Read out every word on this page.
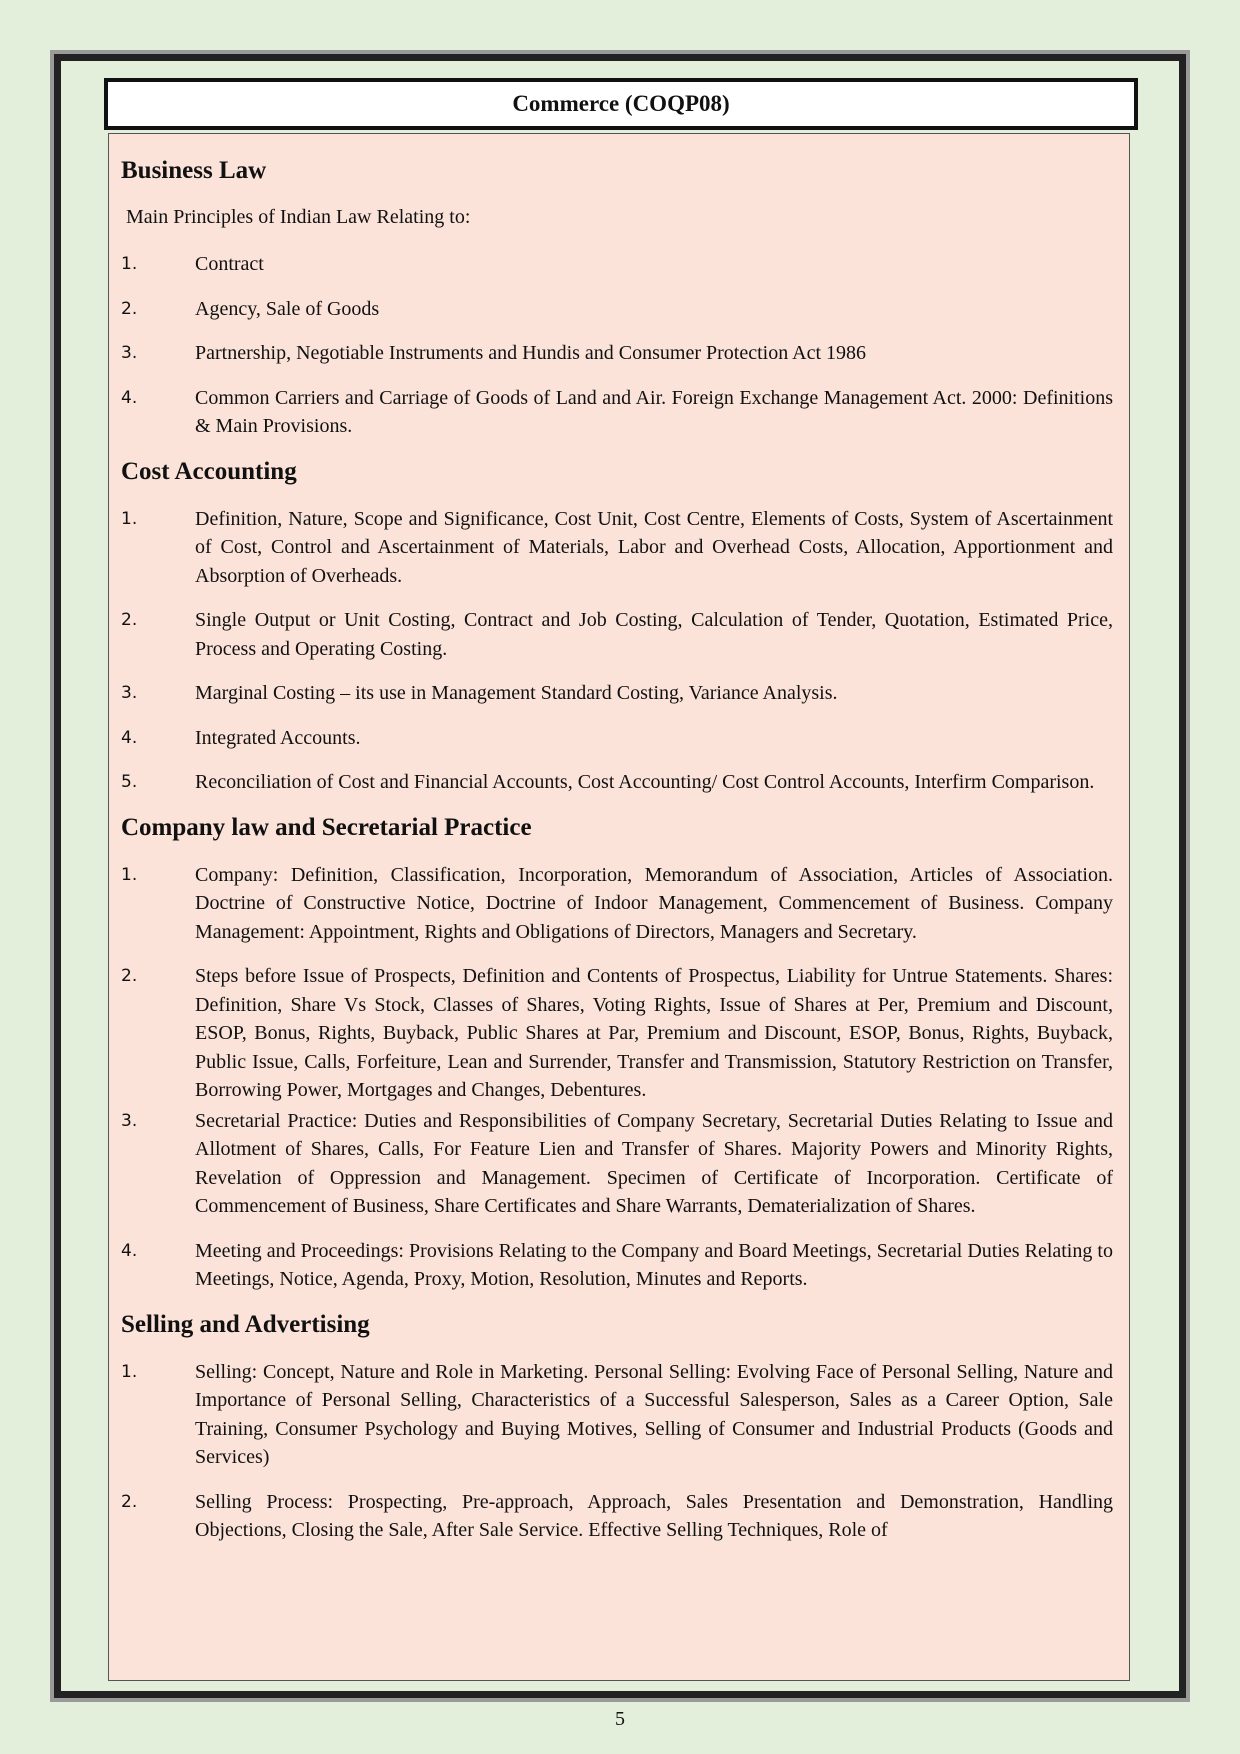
Commerce (COQP08)
Business Law
Main Principles of Indian Law Relating to:
1.	Contract
2.	Agency, Sale of Goods
3.	Partnership, Negotiable Instruments and Hundis and Consumer Protection Act 1986
4.	Common Carriers and Carriage of Goods of Land and Air. Foreign Exchange Management Act. 2000: Definitions & Main Provisions.
Cost Accounting
1.	Definition, Nature, Scope and Significance, Cost Unit, Cost Centre, Elements of Costs, System of Ascertainment of Cost, Control and Ascertainment of Materials, Labor and Overhead Costs, Allocation, Apportionment and Absorption of Overheads.
2.	Single Output or Unit Costing, Contract and Job Costing, Calculation of Tender, Quotation, Estimated Price, Process and Operating Costing.
3.	Marginal Costing – its use in Management Standard Costing, Variance Analysis.
4.	Integrated Accounts.
5.	Reconciliation of Cost and Financial Accounts, Cost Accounting/ Cost Control Accounts, Interfirm Comparison.
Company law and Secretarial Practice
1.	Company: Definition, Classification, Incorporation, Memorandum of Association, Articles of Association. Doctrine of Constructive Notice, Doctrine of Indoor Management, Commencement of Business. Company Management: Appointment, Rights and Obligations of Directors, Managers and Secretary.
2.	Steps before Issue of Prospects, Definition and Contents of Prospectus, Liability for Untrue Statements. Shares: Definition, Share Vs Stock, Classes of Shares, Voting Rights, Issue of Shares at Per, Premium and Discount, ESOP, Bonus, Rights, Buyback, Public Shares at Par, Premium and Discount, ESOP, Bonus, Rights, Buyback, Public Issue, Calls, Forfeiture, Lean and Surrender, Transfer and Transmission, Statutory Restriction on Transfer, Borrowing Power, Mortgages and Changes, Debentures.
3.	Secretarial Practice: Duties and Responsibilities of Company Secretary, Secretarial Duties Relating to Issue and Allotment of Shares, Calls, For Feature Lien and Transfer of Shares. Majority Powers and Minority Rights, Revelation of Oppression and Management. Specimen of Certificate of Incorporation. Certificate of Commencement of Business, Share Certificates and Share Warrants, Dematerialization of Shares.
4.	Meeting and Proceedings: Provisions Relating to the Company and Board Meetings, Secretarial Duties Relating to Meetings, Notice, Agenda, Proxy, Motion, Resolution, Minutes and Reports.
Selling and Advertising
1.	Selling: Concept, Nature and Role in Marketing. Personal Selling: Evolving Face of Personal Selling, Nature and Importance of Personal Selling, Characteristics of a Successful Salesperson, Sales as a Career Option, Sale Training, Consumer Psychology and Buying Motives, Selling of Consumer and Industrial Products (Goods and Services)
2.	Selling Process: Prospecting, Pre-approach, Approach, Sales Presentation and Demonstration, Handling Objections, Closing the Sale, After Sale Service. Effective Selling Techniques, Role of
5
